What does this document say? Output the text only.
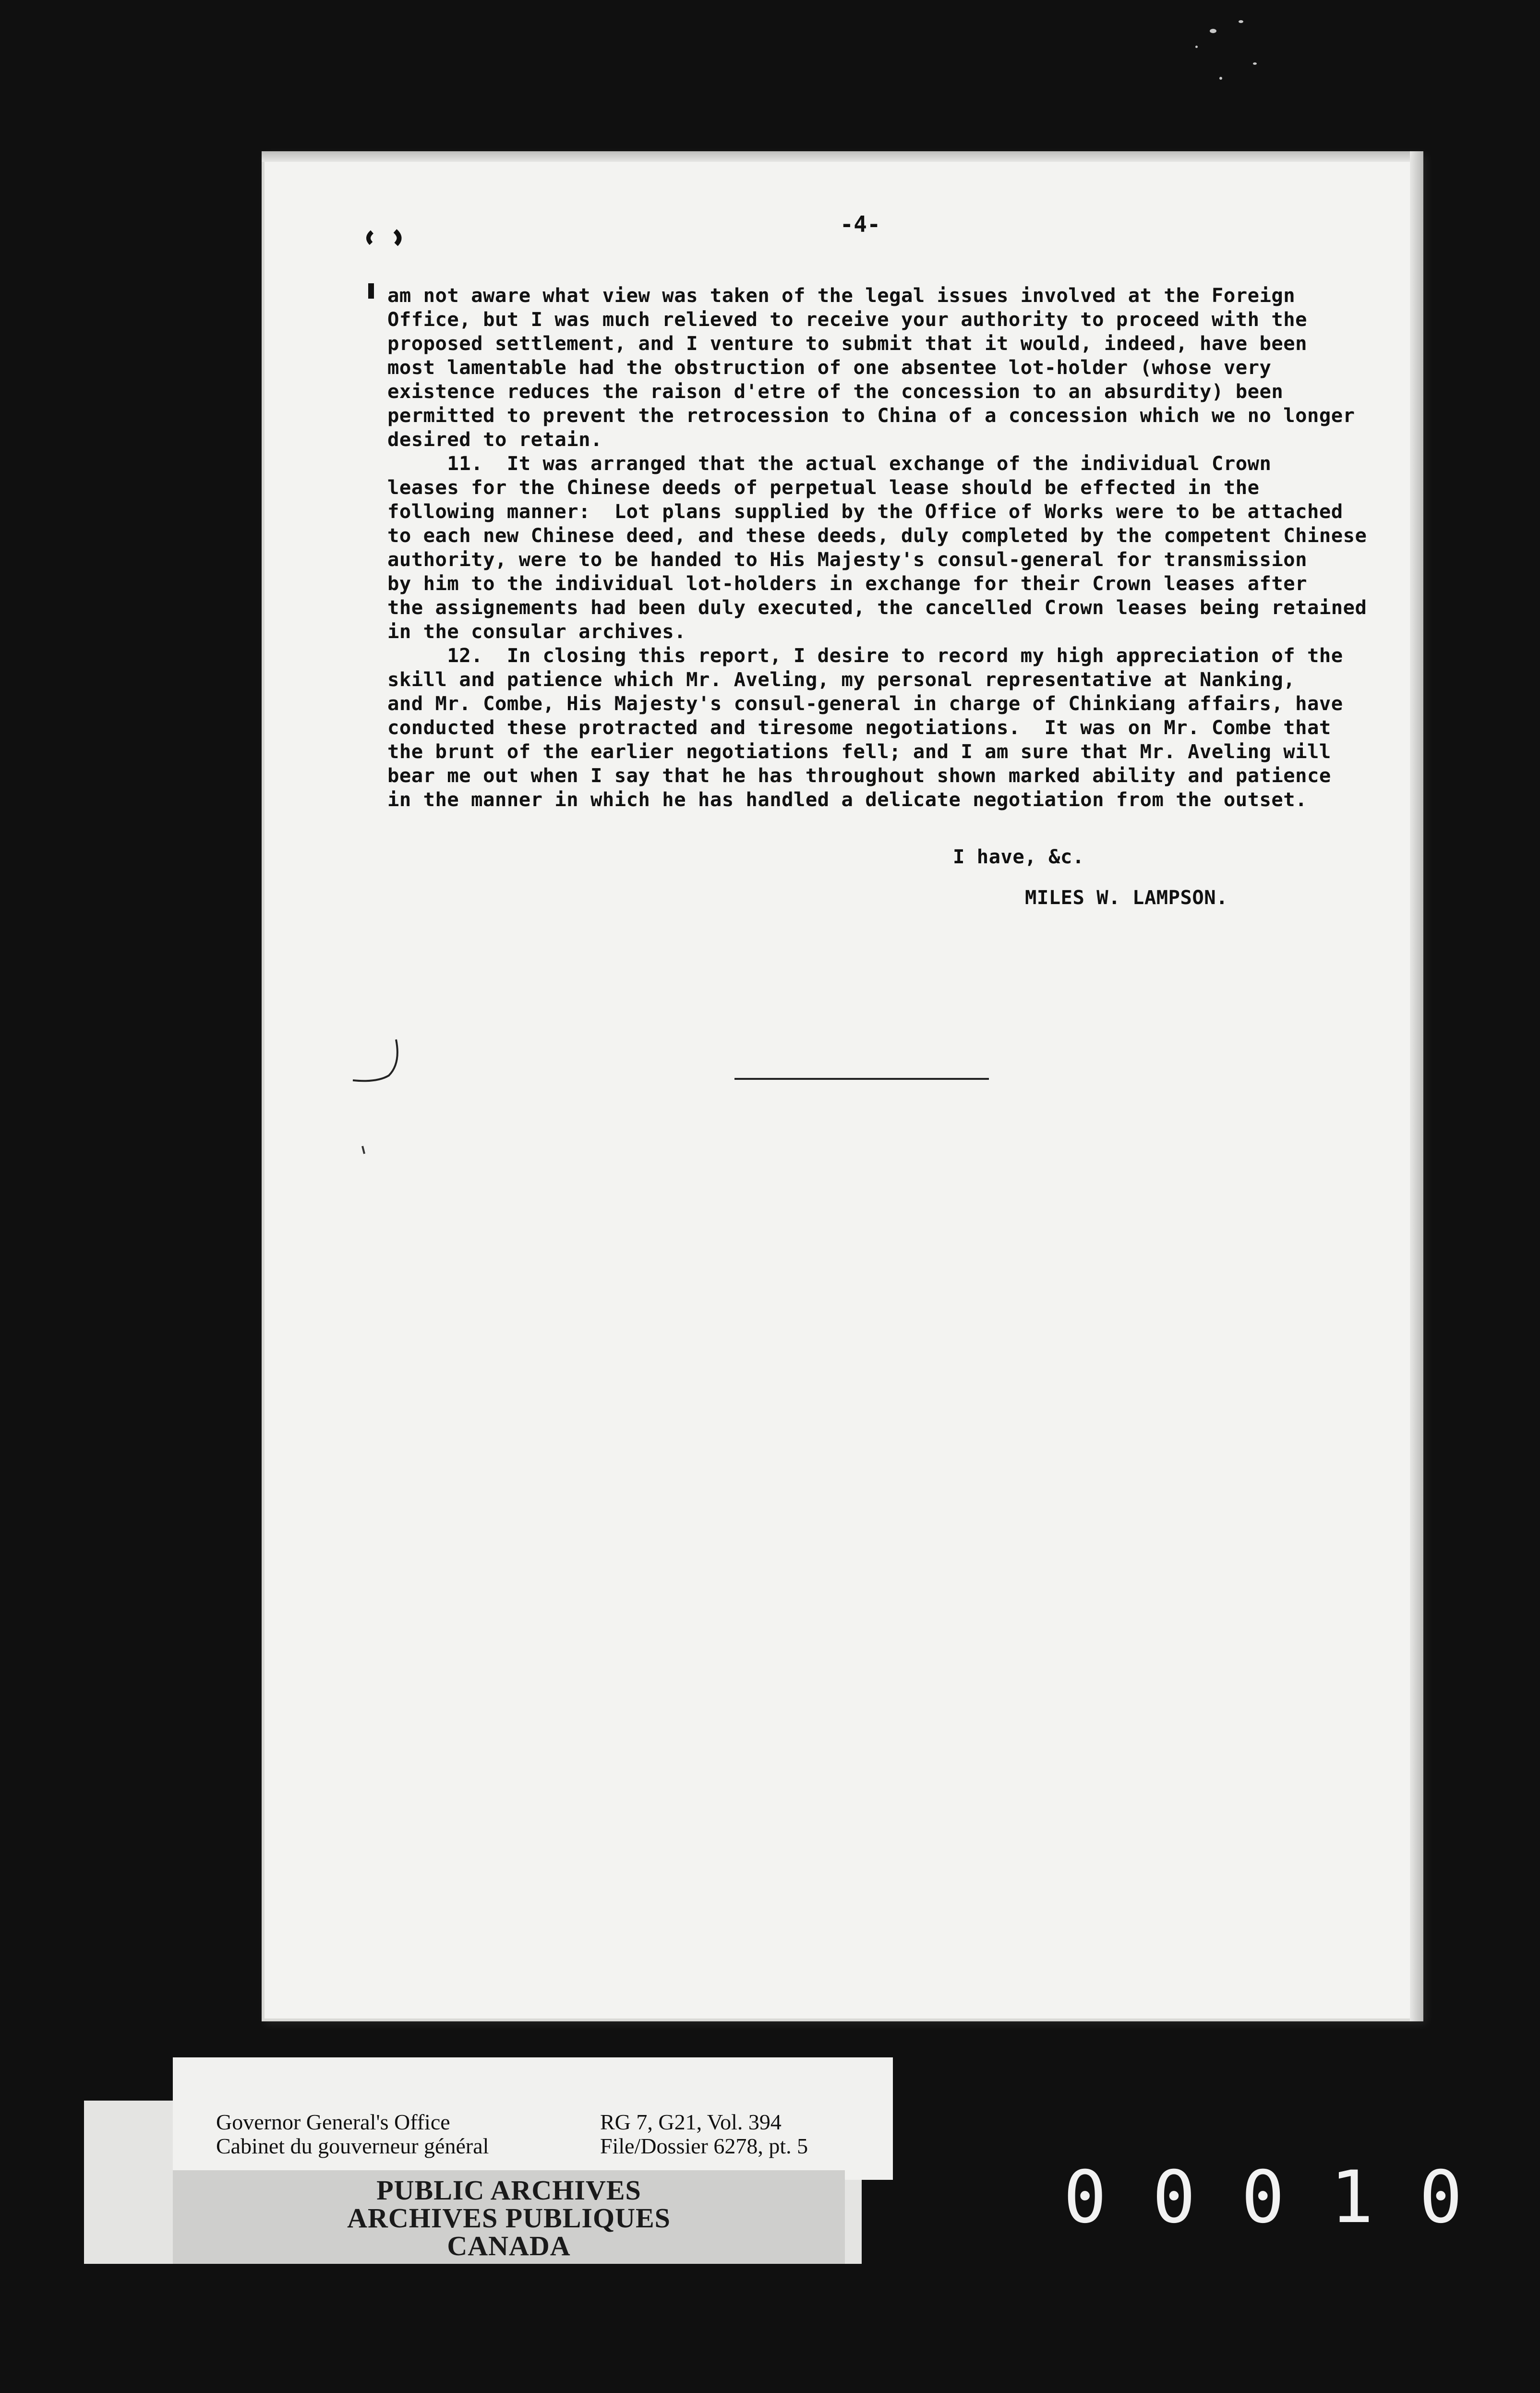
-4-

am not aware what view was taken of the legal issues involved at the Foreign
Office, but I was much relieved to receive your authority to proceed with the
proposed settlement, and I venture to submit that it would, indeed, have been
most lamentable had the obstruction of one absentee lot-holder (whose very
existence reduces the raison d'etre of the concession to an absurdity) been
permitted to prevent the retrocession to China of a concession which we no longer
desired to retain.
11.  It was arranged that the actual exchange of the individual Crown
leases for the Chinese deeds of perpetual lease should be effected in the
following manner:  Lot plans supplied by the Office of Works were to be attached
to each new Chinese deed, and these deeds, duly completed by the competent Chinese
authority, were to be handed to His Majesty's consul-general for transmission
by him to the individual lot-holders in exchange for their Crown leases after
the assignements had been duly executed, the cancelled Crown leases being retained
in the consular archives.
12.  In closing this report, I desire to record my high appreciation of the
skill and patience which Mr. Aveling, my personal representative at Nanking,
and Mr. Combe, His Majesty's consul-general in charge of Chinkiang affairs, have
conducted these protracted and tiresome negotiations.  It was on Mr. Combe that
the brunt of the earlier negotiations fell; and I am sure that Mr. Aveling will
bear me out when I say that he has throughout shown marked ability and patience
in the manner in which he has handled a delicate negotiation from the outset.

I have, &c.

MILES W. LAMPSON.

Governor General's Office

Cabinet du gouverneur général

RG 7, G21, Vol. 394

File/Dossier 6278, pt. 5

PUBLIC ARCHIVES

ARCHIVES PUBLIQUES

CANADA

00010
